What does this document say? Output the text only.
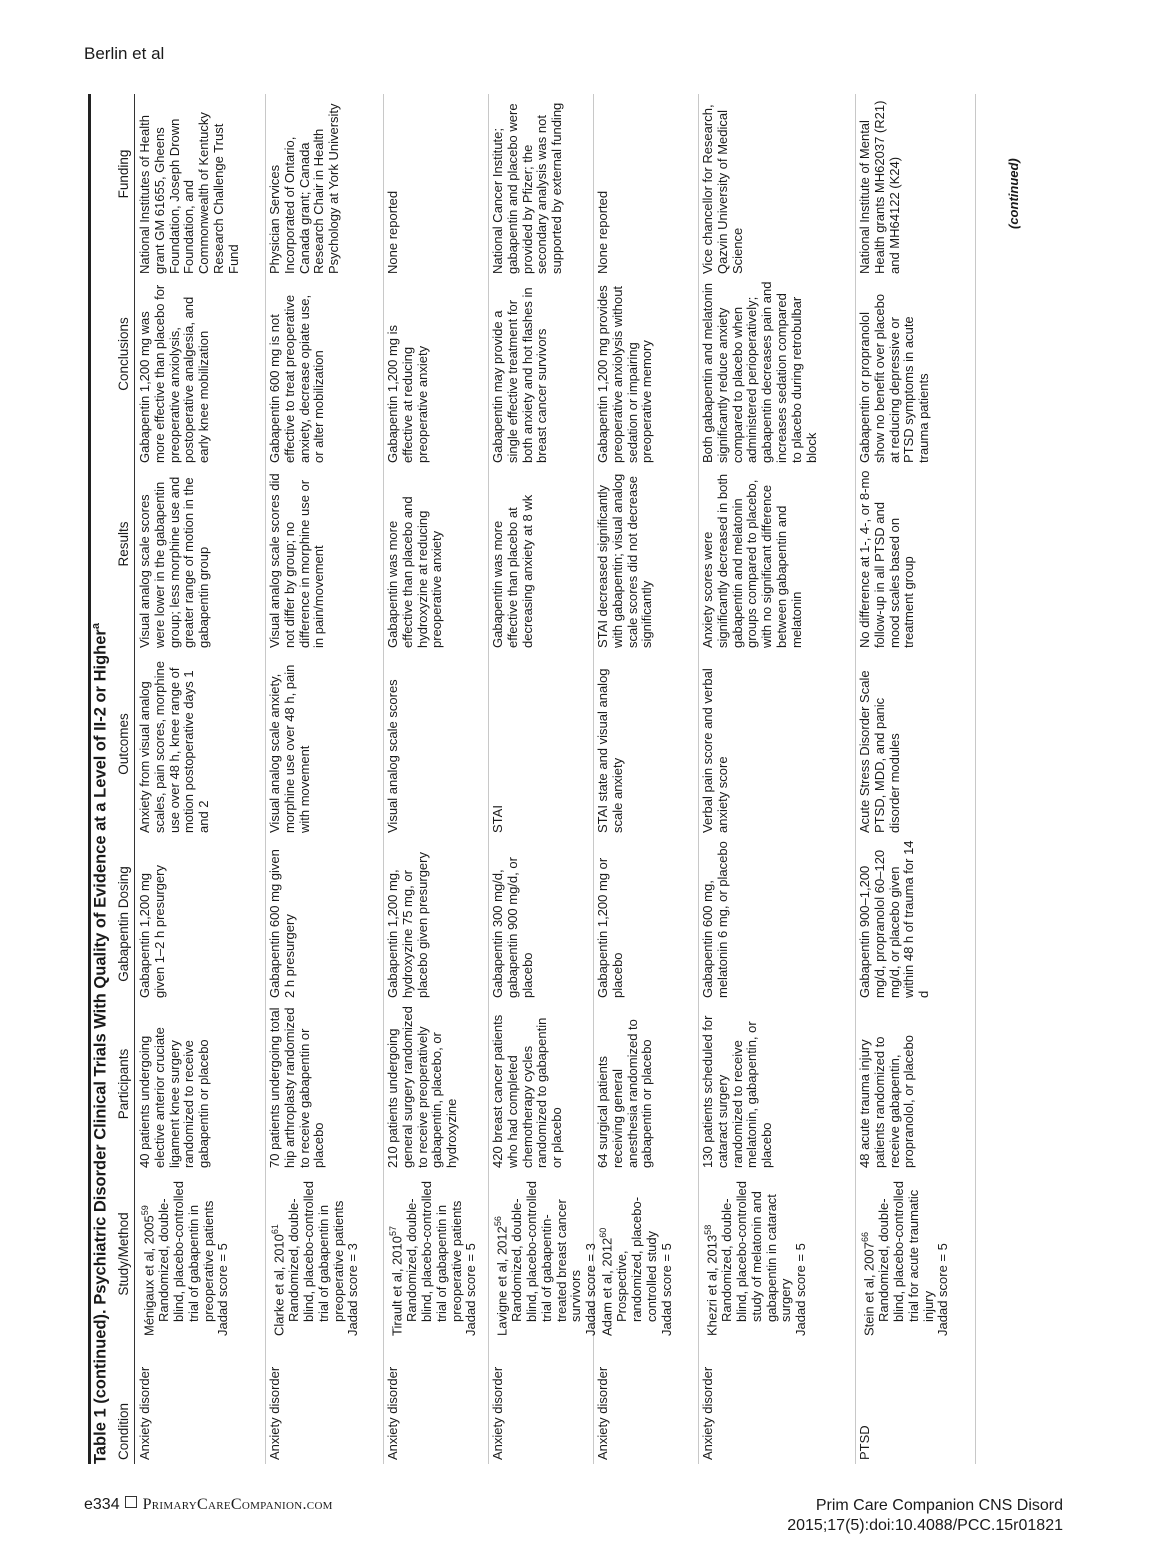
Berlin et al
Table 1 (continued). Psychiatric Disorder Clinical Trials With Quality of Evidence at a Level of II-2 or Higher$^a$
Condition
Study/Method
Participants
Gabapentin Dosing
Outcomes
Results
Conclusions
Funding
Anxiety disorder
Ménigaux et al, 2005$^{59}$ Randomized, double-blind, placebo-controlled trial of gabapentin in preoperative patients Jadad score = 5
40 patients undergoing elective anterior cruciate ligament knee surgery randomized to receive gabapentin or placebo
Gabapentin 1,200 mg given 1–2 h presurgery
Anxiety from visual analog scales, pain scores, morphine use over 48 h, knee range of motion postoperative days 1 and 2
Visual analog scale scores were lower in the gabapentin group; less morphine use and greater range of motion in the gabapentin group
Gabapentin 1,200 mg was more effective than placebo for preoperative anxiolysis, postoperative analgesia, and early knee mobilization
National Institutes of Health grant GM 61655, Gheens Foundation, Joseph Drown Foundation, and Commonwealth of Kentucky Research Challenge Trust Fund
Anxiety disorder
Clarke et al, 2010$^{61}$ Randomized, double-blind, placebo-controlled trial of gabapentin in preoperative patients Jadad score = 3
70 patients undergoing total hip arthroplasty randomized to receive gabapentin or placebo
Gabapentin 600 mg given 2 h presurgery
Visual analog scale anxiety, morphine use over 48 h, pain with movement
Visual analog scale scores did not differ by group; no difference in morphine use or in pain/movement
Gabapentin 600 mg is not effective to treat preoperative anxiety, decrease opiate use, or alter mobilization
Physician Services Incorporated of Ontario, Canada grant; Canada Research Chair in Health Psychology at York University
Anxiety disorder
Tirault et al, 2010$^{57}$ Randomized, double-blind, placebo-controlled trial of gabapentin in preoperative patients Jadad score = 5
210 patients undergoing general surgery randomized to receive preoperatively gabapentin, placebo, or hydroxyzine
Gabapentin 1,200 mg, hydroxyzine 75 mg, or placebo given presurgery
Visual analog scale scores
Gabapentin was more effective than placebo and hydroxyzine at reducing preoperative anxiety
Gabapentin 1,200 mg is effective at reducing preoperative anxiety
None reported
Anxiety disorder
Lavigne et al, 2012$^{56}$ Randomized, double-blind, placebo-controlled trial of gabapentin-treated breast cancer survivors Jadad score = 3
420 breast cancer patients who had completed chemotherapy cycles randomized to gabapentin or placebo
Gabapentin 300 mg/d, gabapentin 900 mg/d, or placebo
STAI
Gabapentin was more effective than placebo at decreasing anxiety at 8 wk
Gabapentin may provide a single effective treatment for both anxiety and hot flashes in breast cancer survivors
National Cancer Institute; gabapentin and placebo were provided by Pfizer; the secondary analysis was not supported by external funding
Anxiety disorder
Adam et al, 2012$^{60}$
Prospective, randomized, placebo-controlled study Jadad score = 5
64 surgical patients receiving general anesthesia randomized to gabapentin or placebo
Gabapentin 1,200 mg or placebo
STAI state and visual analog scale anxiety
STAI decreased significantly with gabapentin; visual analog scale scores did not decrease significantly
Gabapentin 1,200 mg provides preoperative anxiolysis without sedation or impairing preoperative memory
None reported
Anxiety disorder
Khezri et al, 2013$^{58}$ Randomized, double-blind, placebo-controlled study of melatonin and gabapentin in cataract surgery Jadad score = 5
130 patients scheduled for cataract surgery randomized to receive melatonin, gabapentin, or placebo
Gabapentin 600 mg, melatonin 6 mg, or placebo
Verbal pain score and verbal anxiety score
Anxiety scores were significantly decreased in both gabapentin and melatonin groups compared to placebo, with no significant difference between gabapentin and melatonin
Both gabapentin and melatonin significantly reduce anxiety compared to placebo when administered perioperatively; gabapentin decreases pain and increases sedation compared to placebo during retrobulbar block
Vice chancellor for Research, Qazvin University of Medical Science
PTSD
Stein et al, 2007$^{66}$ Randomized, double-blind, placebo-controlled trial for acute traumatic injury Jadad score = 5
48 acute trauma injury patients randomized to receive gabapentin, propranolol, or placebo
Gabapentin 900–1,200 mg/d, propranolol 60–120 mg/d, or placebo given within 48 h of trauma for 14 d
Acute Stress Disorder Scale PTSD, MDD, and panic disorder modules
No difference at 1-, 4-, or 8-mo follow-up in all PTSD and mood scales based on treatment group
Gabapentin or propranolol show no benefit over placebo at reducing depressive or PTSD symptoms in acute trauma patients
National Institute of Mental Health grants MH62037 (R21) and MH64122 (K24)	(continued)
e334 PrimaryCareCompanion.com	Prim Care Companion CNS Disord
2015;17(5):doi:10.4088/PCC.15r01821
